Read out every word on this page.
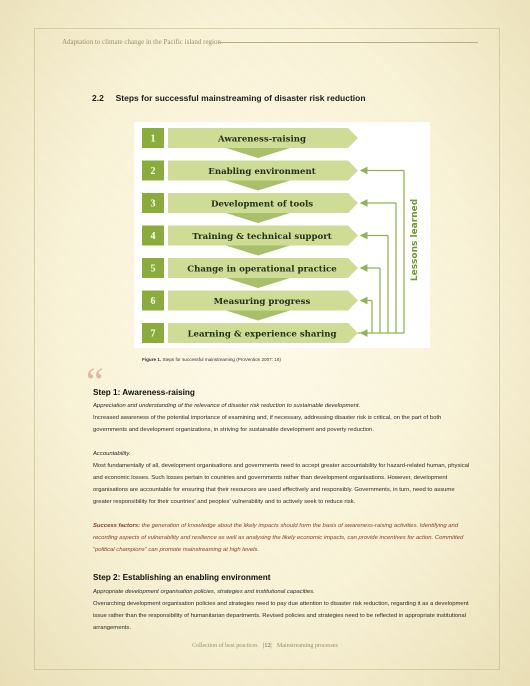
Adaptation to climate change in the Pacific island region
2.2 Steps for successful mainstreaming of disaster risk reduction
1	Awareness-raising
2	Enabling environment
3	Development of tools
4	Training & technical support
5	Change in operational practice
6	Measuring progress
7	Learning & experience sharing
Lessons learned
Figure 1. Steps for successful mainstreaming (ProVention 2007: 16)
“
Step 1: Awareness-raising
Appreciation and understanding of the relevance of disaster risk reduction to sustainable development.
Increased awareness of the potential importance of examining and, if necessary, addressing disaster risk is critical, on the part of both governments and development organizations, in striving for sustainable development and poverty reduction.
Accountability.
Most fundamentally of all, development organisations and governments need to accept greater accountability for hazard-related human, physical and economic losses. Such losses pertain to countries and governments rather than development organisations. However, development organisations are accountable for ensuring that their resources are used effectively and responsibly. Governments, in turn, need to assume greater responsibility for their countries' and peoples' vulnerability and to actively seek to reduce risk.
Success factors: the generation of knowledge about the likely impacts should form the basis of awareness-raising activities. Identifying and recording aspects of vulnerability and resilience as well as analysing the likely economic impacts, can provide incentives for action. Committed “political champions” can promote mainstreaming at high levels.
Step 2: Establishing an enabling environment
Appropriate development organisation policies, strategies and institutional capacities.
Overarching development organisation policies and strategies need to pay due attention to disaster risk reduction, regarding it as a development issue rather than the responsibility of humanitarian departments. Revised policies and strategies need to be reflected in appropriate institutional arrangements.
Collection of best practices |12| Mainstreaming processes
